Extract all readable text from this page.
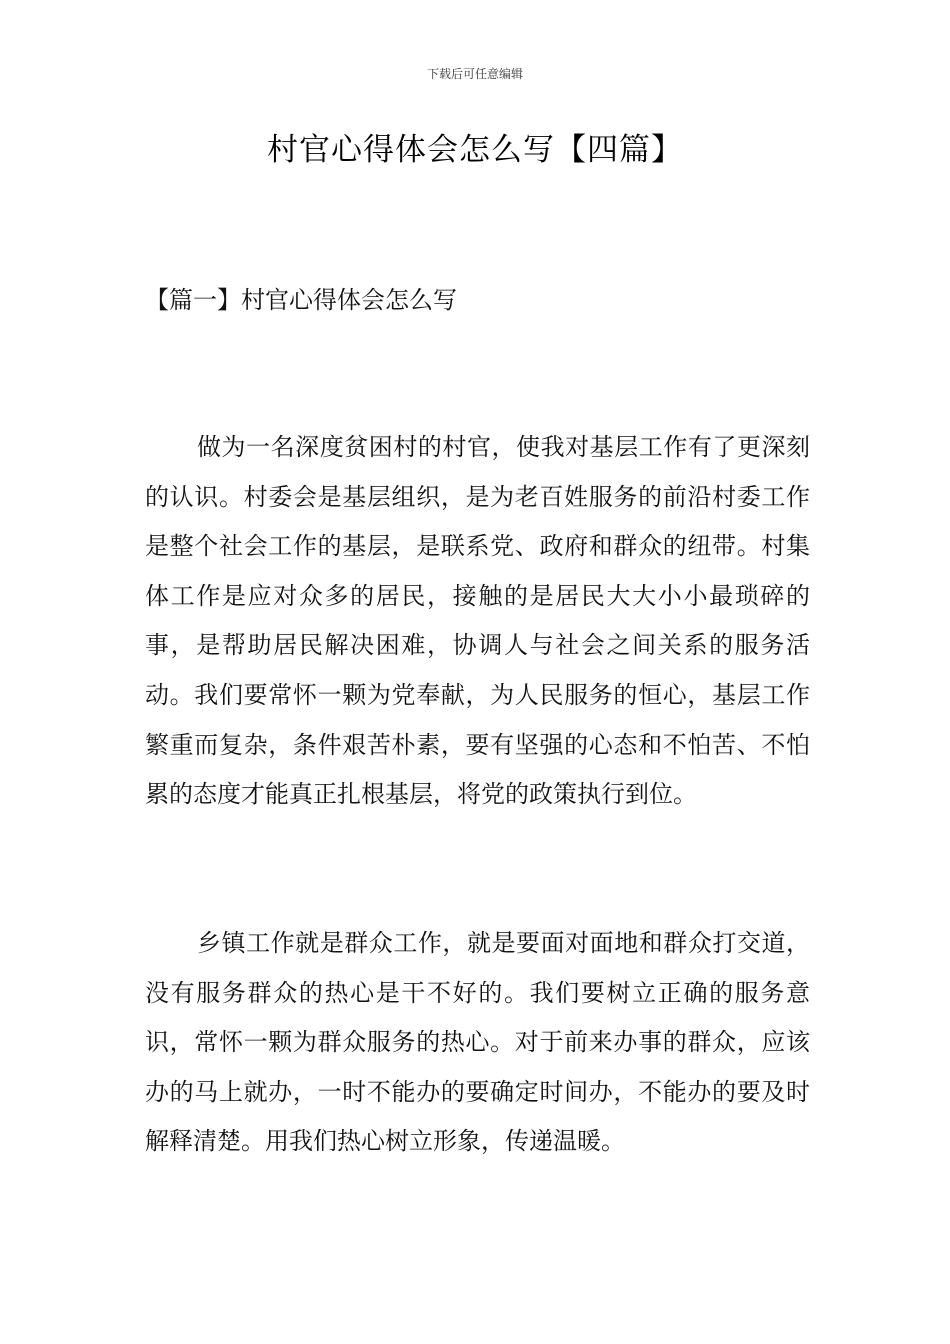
下载后可任意编辑
村官心得体会怎么写【四篇】
【篇一】村官心得体会怎么写

做为一名深度贫困村的村官，使我对基层工作有了更深刻的认识。村委会是基层组织，是为老百姓服务的前沿村委工作是整个社会工作的基层，是联系党、政府和群众的纽带。村集体工作是应对众多的居民，接触的是居民大大小小最琐碎的事，是帮助居民解决困难，协调人与社会之间关系的服务活动。我们要常怀一颗为党奉献，为人民服务的恒心，基层工作繁重而复杂，条件艰苦朴素，要有坚强的心态和不怕苦、不怕累的态度才能真正扎根基层，将党的政策执行到位。

乡镇工作就是群众工作，就是要面对面地和群众打交道，没有服务群众的热心是干不好的。我们要树立正确的服务意识，常怀一颗为群众服务的热心。对于前来办事的群众，应该办的马上就办，一时不能办的要确定时间办，不能办的要及时解释清楚。用我们热心树立形象，传递温暖。
